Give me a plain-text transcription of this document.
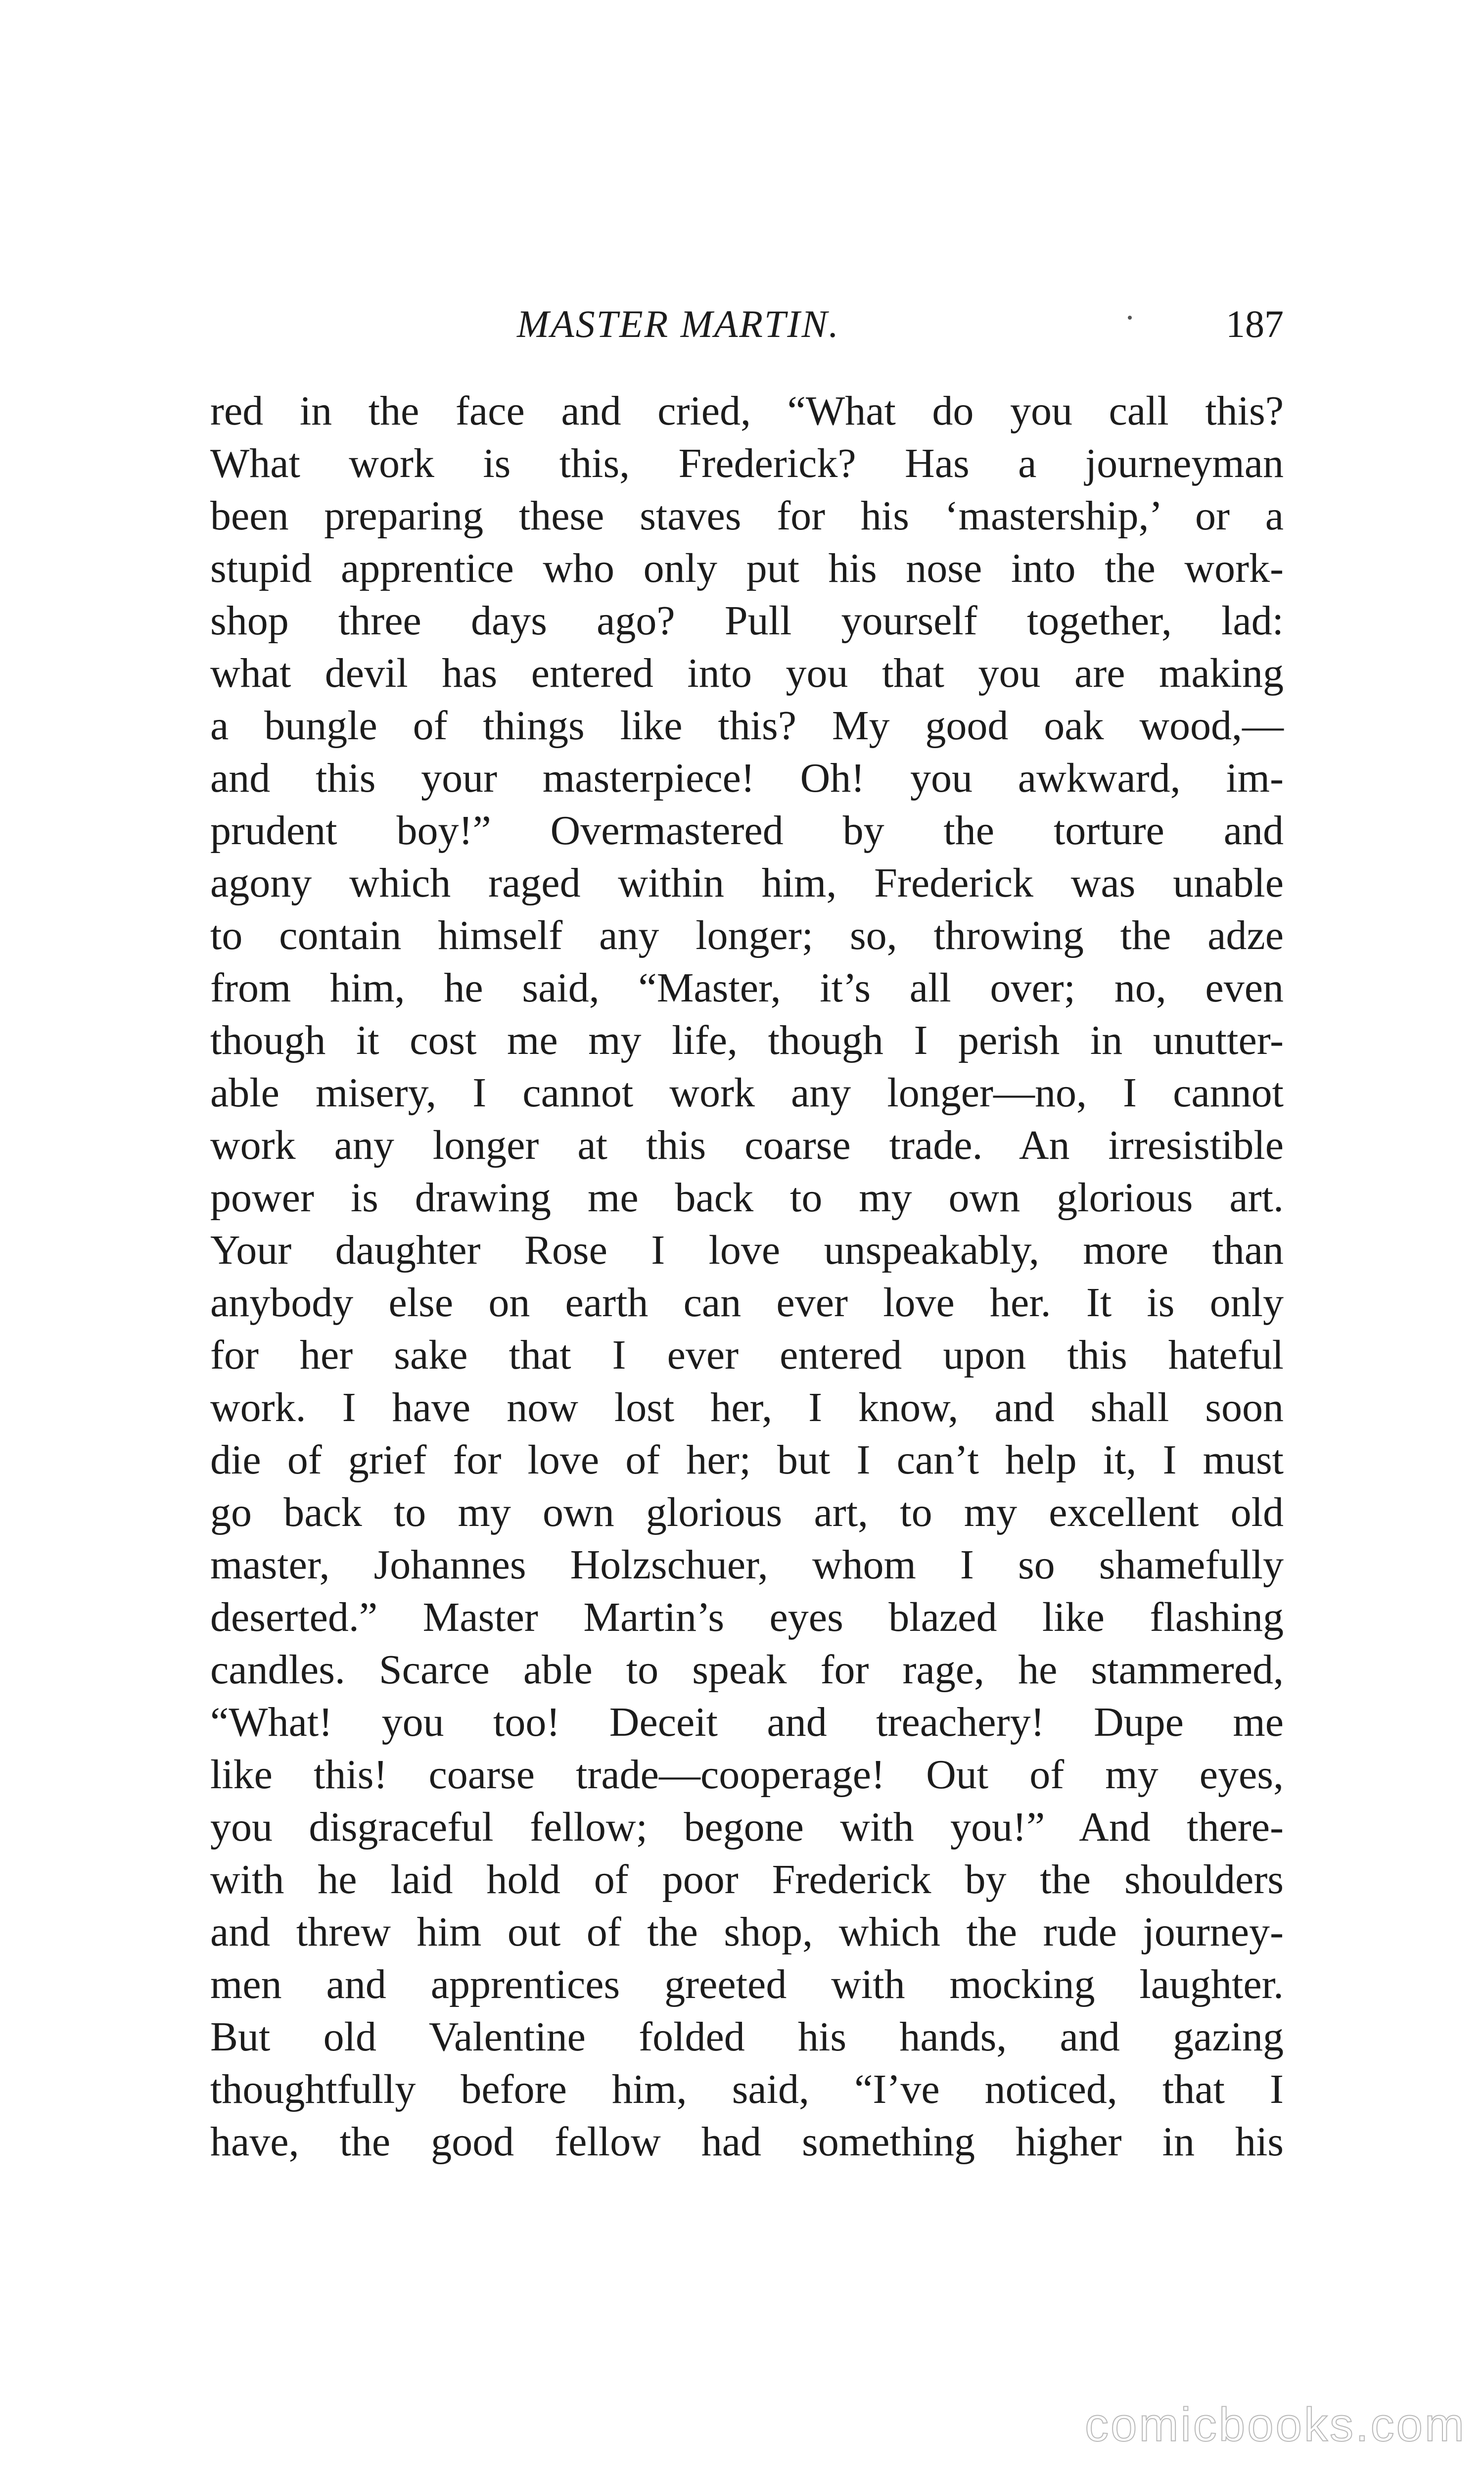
MASTER MARTIN.	187
red in the face and cried, “What do you call this?
What work is this, Frederick? Has a journeyman
been preparing these staves for his ‘mastership,’ or a
stupid apprentice who only put his nose into the work-
shop three days ago? Pull yourself together, lad:
what devil has entered into you that you are making
a bungle of things like this? My good oak wood,—
and this your masterpiece! Oh! you awkward, im-
prudent boy!” Overmastered by the torture and
agony which raged within him, Frederick was unable
to contain himself any longer; so, throwing the adze
from him, he said, “Master, it’s all over; no, even
though it cost me my life, though I perish in unutter-
able misery, I cannot work any longer—no, I cannot
work any longer at this coarse trade. An irresistible
power is drawing me back to my own glorious art.
Your daughter Rose I love unspeakably, more than
anybody else on earth can ever love her. It is only
for her sake that I ever entered upon this hateful
work. I have now lost her, I know, and shall soon
die of grief for love of her; but I can’t help it, I must
go back to my own glorious art, to my excellent old
master, Johannes Holzschuer, whom I so shamefully
deserted.” Master Martin’s eyes blazed like flashing
candles. Scarce able to speak for rage, he stammered,
“What! you too! Deceit and treachery! Dupe me
like this! coarse trade—cooperage! Out of my eyes,
you disgraceful fellow; begone with you!” And there-
with he laid hold of poor Frederick by the shoulders
and threw him out of the shop, which the rude journey-
men and apprentices greeted with mocking laughter.
But old Valentine folded his hands, and gazing
thoughtfully before him, said, “I’ve noticed, that I
have, the good fellow had something higher in his
comicbooks.com
